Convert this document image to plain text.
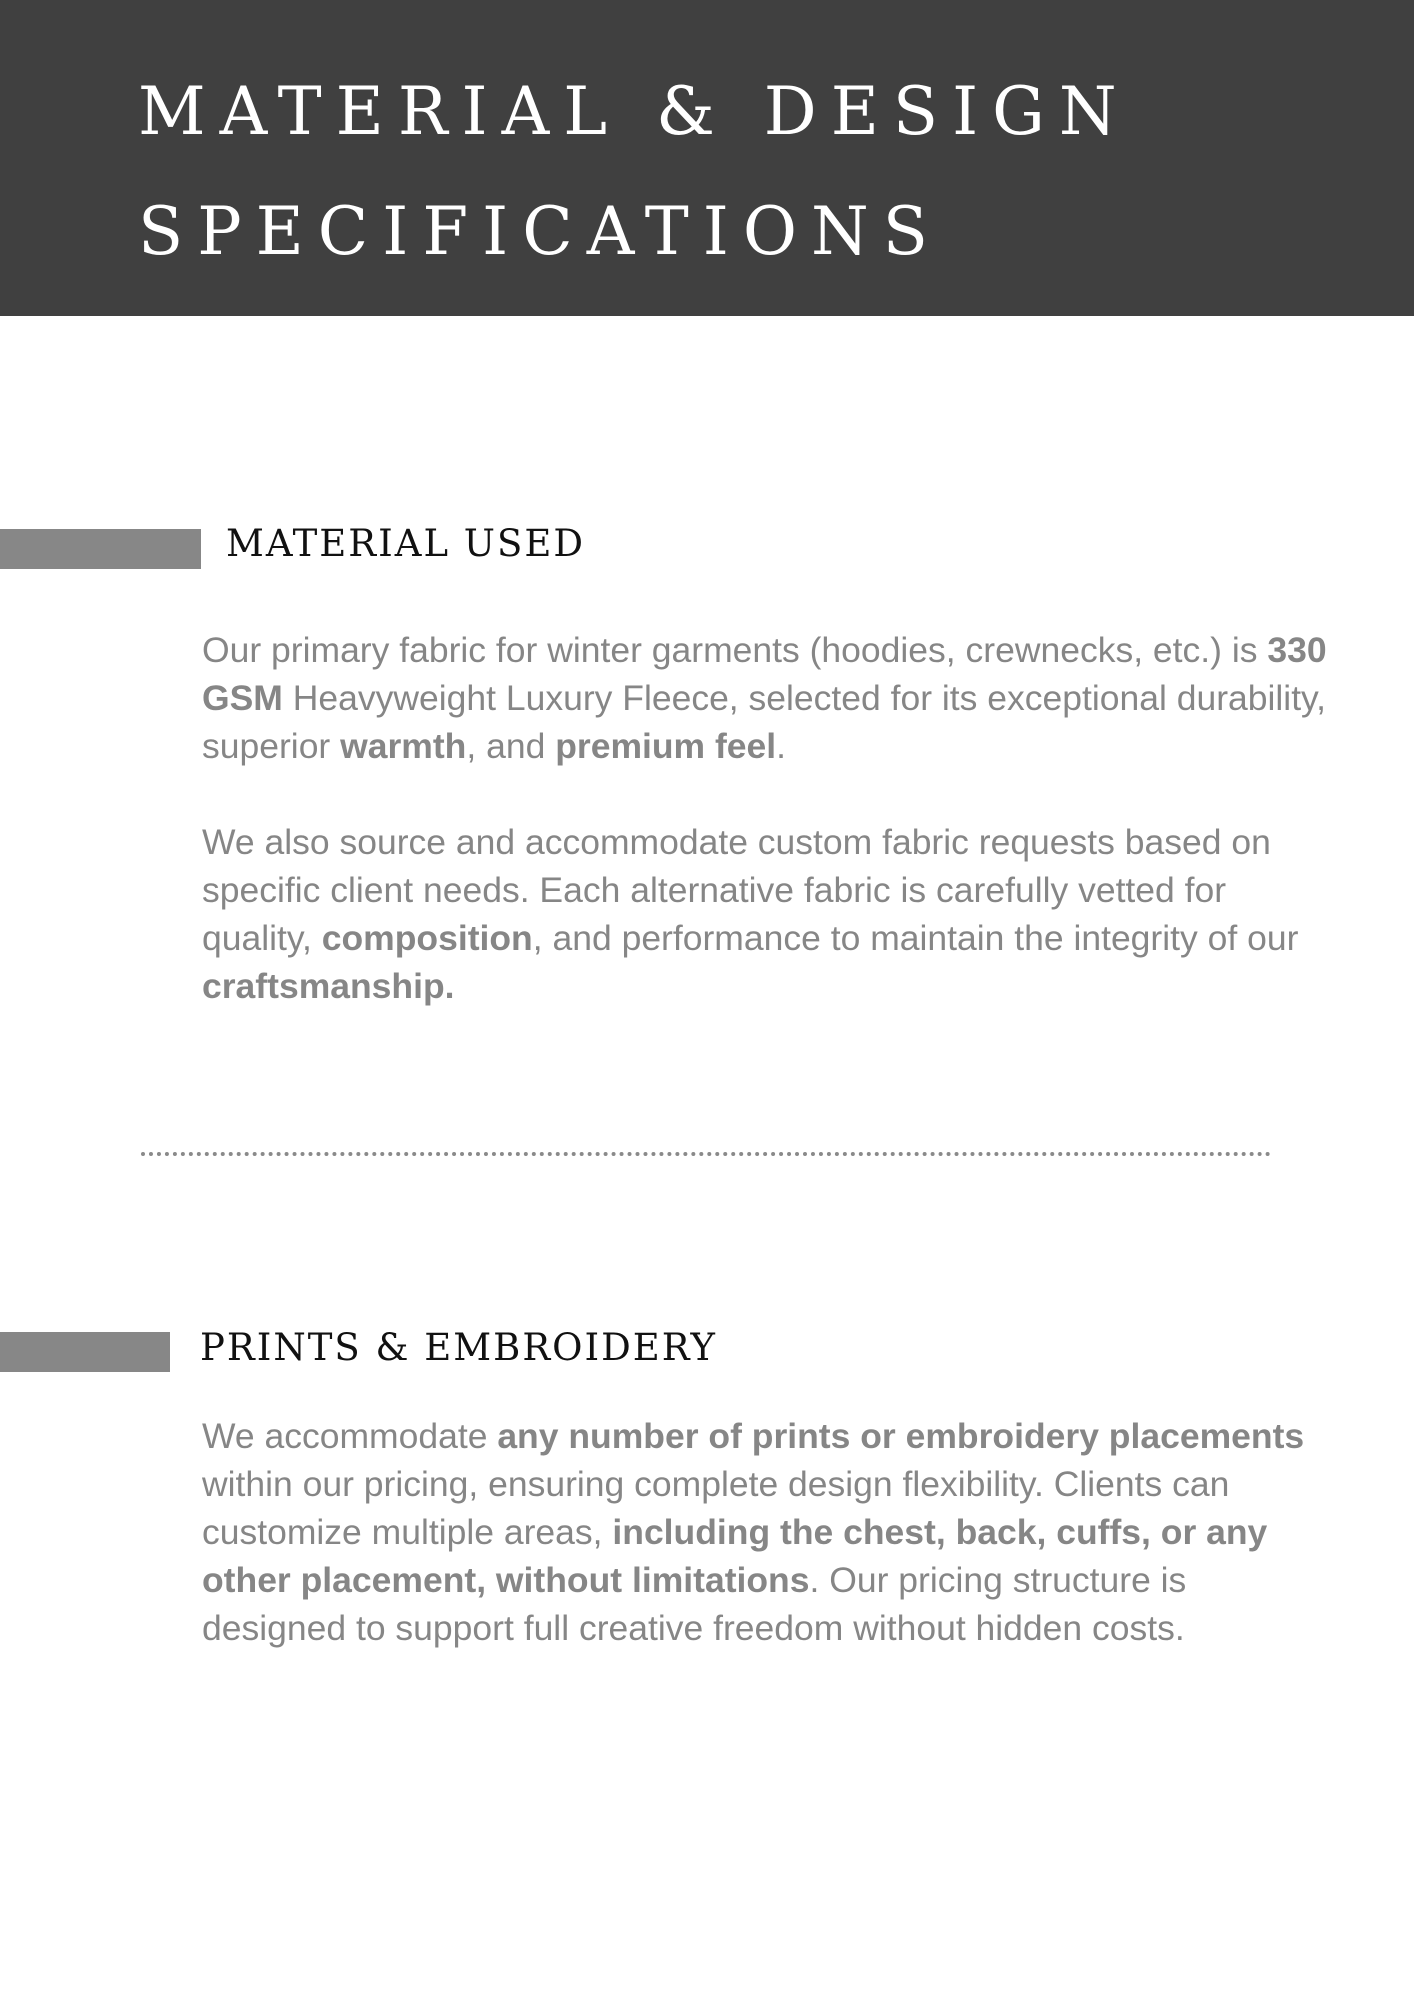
MATERIAL & DESIGN
SPECIFICATIONS
MATERIAL USED

Our primary fabric for winter garments (hoodies, crewnecks, etc.) is 330 GSM Heavyweight Luxury Fleece, selected for its exceptional durability, superior warmth, and premium feel.

We also source and accommodate custom fabric requests based on specific client needs. Each alternative fabric is carefully vetted for quality, composition, and performance to maintain the integrity of our craftsmanship.

PRINTS & EMBROIDERY

We accommodate any number of prints or embroidery placements within our pricing, ensuring complete design flexibility. Clients can customize multiple areas, including the chest, back, cuffs, or any other placement, without limitations. Our pricing structure is designed to support full creative freedom without hidden costs.
